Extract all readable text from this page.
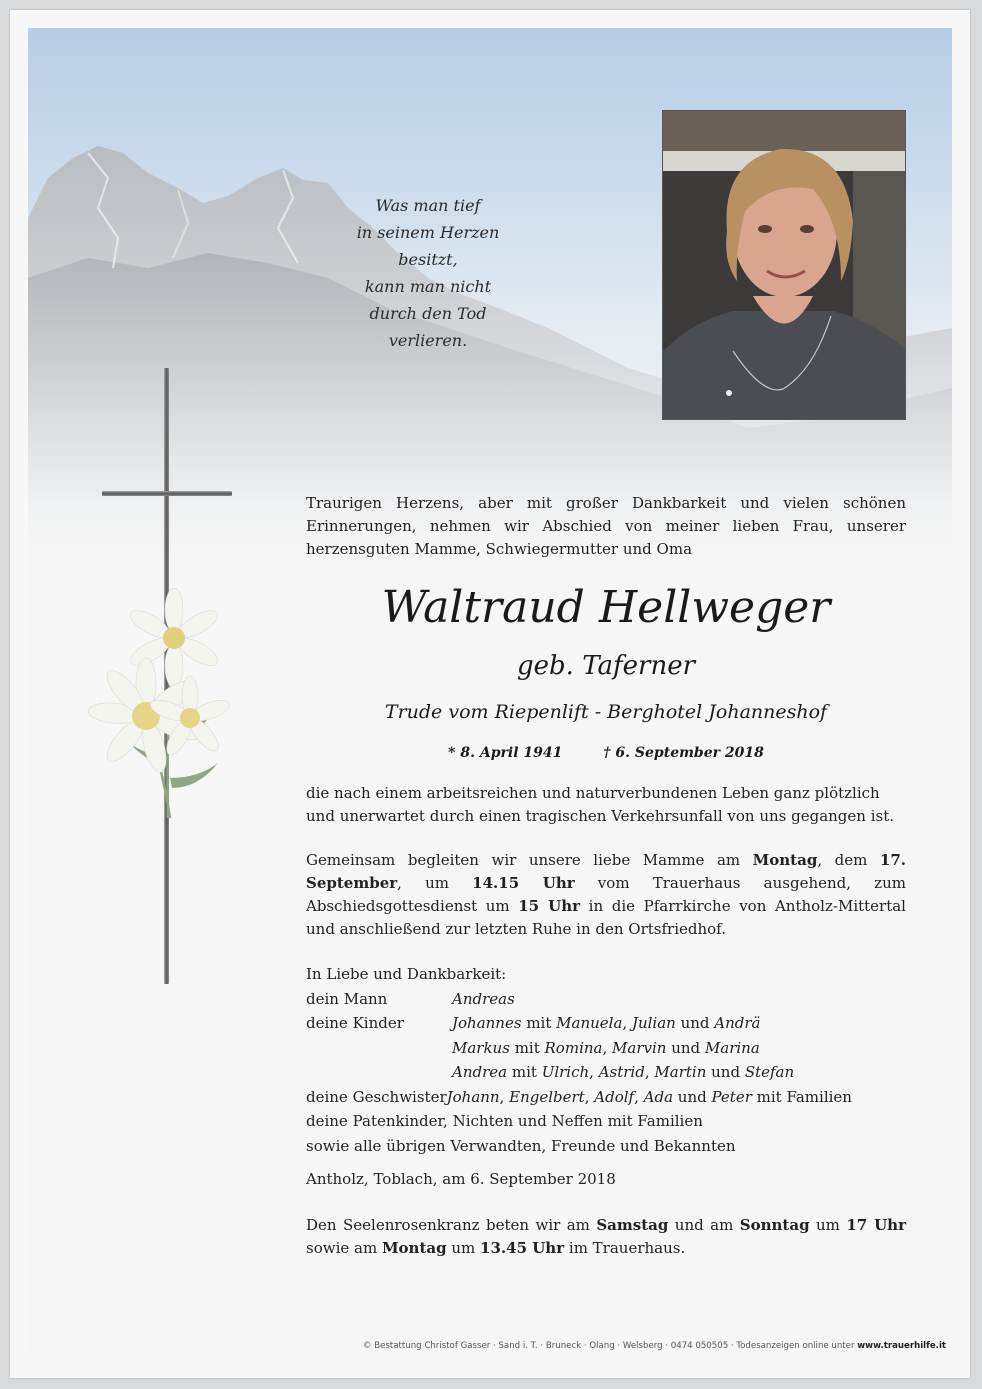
Was man tief
in seinem Herzen besitzt,
kann man nicht
durch den Tod verlieren.
Traurigen Herzens, aber mit großer Dankbarkeit und vielen schönen Erinnerungen, nehmen wir Abschied von meiner lieben Frau, unserer herzensguten Mamme, Schwiegermutter und Oma
Waltraud Hellweger
geb. Taferner
Trude vom Riepenlift - Berghotel Johanneshof
* 8. April 1941	† 6. September 2018
die nach einem arbeitsreichen und naturverbundenen Leben ganz plötzlich und unerwartet durch einen tragischen Verkehrsunfall von uns gegangen ist.
Gemeinsam begleiten wir unsere liebe Mamme am Montag, dem 17. September, um 14.15 Uhr vom Trauerhaus ausgehend, zum Abschiedsgottesdienst um 15 Uhr in die Pfarrkirche von Antholz-Mittertal und anschließend zur letzten Ruhe in den Ortsfriedhof.
In Liebe und Dankbarkeit:
dein Mann	Andreas
deine Kinder	Johannes mit Manuela, Julian und Andrä
Markus mit Romina, Marvin und Marina
Andrea mit Ulrich, Astrid, Martin und Stefan
deine Geschwister Johann, Engelbert, Adolf, Ada und Peter mit Familien
deine Patenkinder, Nichten und Neffen mit Familien
sowie alle übrigen Verwandten, Freunde und Bekannten
Antholz, Toblach, am 6. September 2018
Den Seelenrosenkranz beten wir am Samstag und am Sonntag um 17 Uhr sowie am Montag um 13.45 Uhr im Trauerhaus.
© Bestattung Christof Gasser · Sand i. T. · Bruneck · Olang · Welsberg · 0474 050505 · Todesanzeigen online unter www.trauerhilfe.it
